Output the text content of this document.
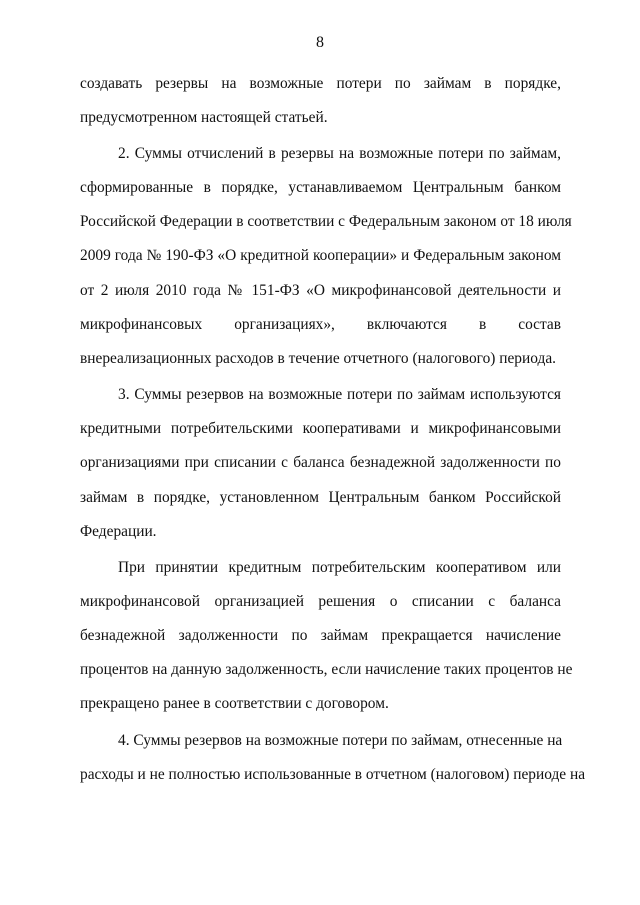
8
создавать резервы на возможные потери по займам в порядке,
предусмотренном настоящей статьей.
2. Суммы отчислений в резервы на возможные потери по займам,
сформированные в порядке, устанавливаемом Центральным банком
Российской Федерации в соответствии с Федеральным законом от 18 июля
2009 года № 190-ФЗ «О кредитной кооперации» и Федеральным законом
от 2 июля 2010 года № 151-ФЗ «О микрофинансовой деятельности и
микрофинансовых организациях», включаются в состав
внереализационных расходов в течение отчетного (налогового) периода.
3. Суммы резервов на возможные потери по займам используются
кредитными потребительскими кооперативами и микрофинансовыми
организациями при списании с баланса безнадежной задолженности по
займам в порядке, установленном Центральным банком Российской
Федерации.
При принятии кредитным потребительским кооперативом или
микрофинансовой организацией решения о списании с баланса
безнадежной задолженности по займам прекращается начисление
процентов на данную задолженность, если начисление таких процентов не
прекращено ранее в соответствии с договором.
4. Суммы резервов на возможные потери по займам, отнесенные на
расходы и не полностью использованные в отчетном (налоговом) периоде на
